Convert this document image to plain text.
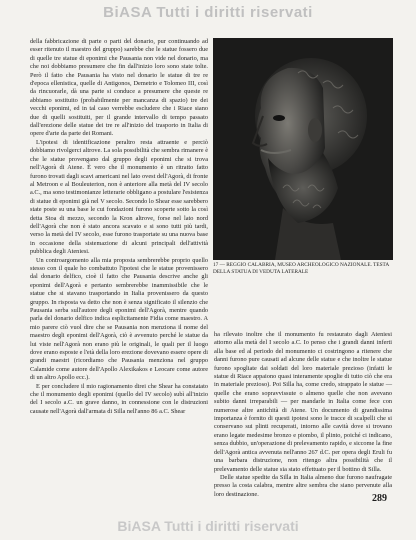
BiASA Tutti i diritti riservati

della fabbricazione di parte o parti del donario, pur continuando ad esser ritenuto il maestro del gruppo) sarebbe che le statue fossero due di quelle tre statue di eponimi che Pausania non vide nel donario, ma che noi dobbiamo presumere che fin dall'inizio loro sono state tolte. Però il fatto che Pausania ha visto nel donario le statue di tre re d'epoca ellenistica, quelle di Antigonos, Demetrio e Tolomeo III, così da rincuorarle, dà una parte si conduce a presumere che queste re abbiamo sostituito (probabilmente per mancanza di spazio) tre dei vecchi eponimi, ed in tal caso verrebbe escludere che i Riace siano due di quelli sostituiti, per il grande intervallo di tempo passato dall'erezione delle statue dei tre re all'inizio del trasporto in Italia di opere d'arte da parte dei Romani.

L'ipotesi di identificazione peraltro resta attraente e perciò dobbiamo rivolgerci altrove. La sola possibilità che sembra rimanere è che le statue provengano dal gruppo degli eponimi che si trova nell'Agorà di Atene. È vero che il monumento è un ritratto fatto furono trovati dagli scavi americani nel lato ovest dell'Agorà, di fronte al Metroon e al Bouleuterion, non è anteriore alla metà del IV secolo a.C., ma sono testimonianze letterarie obbligano a postulare l'esistenza di statue di eponimi già nel V secolo. Secondo lo Shear esse sarebbero state poste su una base le cui fondazioni furono scoperte sotto la così detta Stoa di mezzo, secondo la Kron altrove, forse nel lato nord dell'Agorà che non è stato ancora scavato e si sono tutti più tardi, verso la metà del IV secolo, esse furono trasportate su una nuova base in occasione della sistemazione di alcuni principali dell'attività pubblica degli Ateniesi.

Un controargomento alla mia proposta sembrerebbe proprio quello stesso con il quale ho combattuto l'ipotesi che le statue provenissero dal donario delfico, cioè il fatto che Pausania descrive anche gli eponimi dell'Agorà e pertanto sembrerebbe inammissibile che le statue che si stavano trasportando in Italia provenissero da questo gruppo. In risposta va detto che non è senza significato il silenzio che Pausania serba sull'autore degli eponimi dell'Agorà, mentre quando parla del donario delfico indica esplicitamente Fidia come maestro. A mio parere ciò vuol dire che se Pausania non menziona il nome del maestro degli eponimi dell'Agorà, ciò è avvenuto perché le statue da lui viste nell'Agorà non erano più le originali, le quali per il luogo dove erano esposte e l'età della loro erezione dovevano essere opere di grandi maestri (ricordiamo che Pausania menziona nel gruppo Calamide come autore dell'Apollo Alexikakos e Leocare come autore di un altro Apollo ecc.).

E per concludere il mio ragionamento direi che Shear ha constatato che il monumento degli eponimi (quello del IV secolo) subì all'inizio del I secolo a.C. un grave danno, in connessione con le distruzioni causate nell'Agorà dall'armata di Silla nell'anno 86 a.C. Shear

17 — REGGIO CALABRIA, MUSEO ARCHEOLOGICO NAZIONALE. TESTA DELLA STATUA DI VEDUTA LATERALE

ha rilevato inoltre che il monumento fu restaurato dagli Ateniesi attorno alla metà del I secolo a.C. Io penso che i grandi danni inferti alla base ed al periodo del monumento ci costringono a ritenere che danni furono pure causati ad alcune delle statue e che inoltre le statue furono spogliate dai soldati del loro materiale prezioso (infatti le statue di Riace appaiono quasi interamente spoglie di tutto ciò che era in materiale prezioso). Poi Silla ha, come credo, strappato le statue — quelle che erano sopravvissute o almeno quelle che non avevano subito danni irreparabili — per mandarle in Italia come fece con numerose altre antichità di Atene. Un documento di grandissima importanza è fornito di questi ipotesi sono le tracce di scalpelli che si conservano sui plinti recuperati, intorno alle cavità dove si trovano erano legate medesime bronzo e piombo, il plinto, poiché ci indicano, senza dubbio, un'operazione di prelevamento rapido, e siccome la fine dell'Agorà antica avvenuta nell'anno 267 d.C. per opera degli Eruli fu una barbara distruzione, non ritengo altra possibilità che il prelevamento delle statue sia stato effettuato per il bottino di Silla.

Delle statue spedite da Silla in Italia almeno due furono naufragate presso la costa calabra, mentre altre sembra che siano pervenute alla loro destinazione.	289
BiASA Tutti i diritti riservati
